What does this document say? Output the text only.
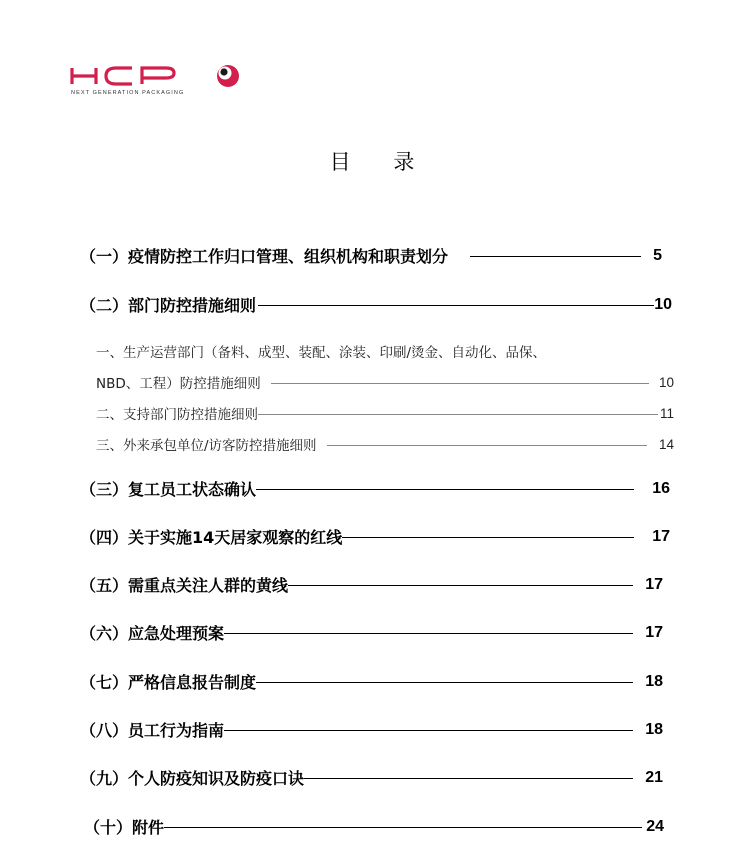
NEXT GENERATION PACKAGING
目 录
（一）疫情防控工作归口管理、组织机构和职责划分	5
（二）部门防控措施细则	10
一、生产运营部门（备料、成型、装配、涂装、印刷/烫金、自动化、品保、
NBD、工程）防控措施细则	10
二、支持部门防控措施细则	11
三、外来承包单位/访客防控措施细则	14
（三）复工员工状态确认	16
（四）关于实施14天居家观察的红线	17
（五）需重点关注人群的黄线	17
（六）应急处理预案	17
（七）严格信息报告制度	18
（八）员工行为指南	18
（九）个人防疫知识及防疫口诀	21
（十）附件	24
